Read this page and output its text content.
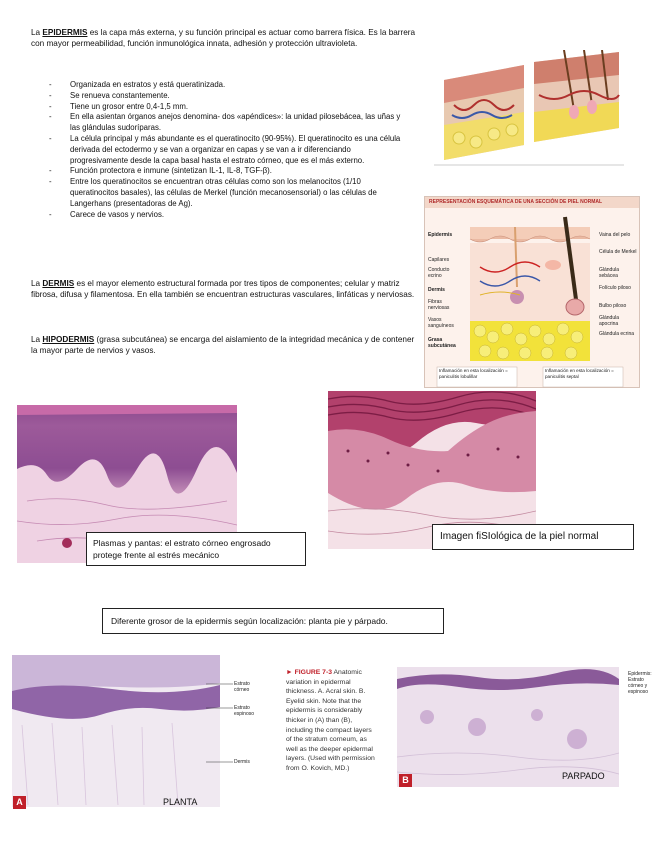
La EPIDERMIS es la capa más externa, y su función principal es actuar como barrera física. Es la barrera con mayor permeabilidad, función inmunológica innata, adhesión y protección ultravioleta.
- Organizada en estratos y está queratinizada.
- Se renueva constantemente.
- Tiene un grosor entre 0,4-1,5 mm.
- En ella asientan órganos anejos denomina- dos «apéndices»: la unidad pilosebácea, las uñas y las glándulas sudoríparas.
- La célula principal y más abundante es el queratinocito (90-95%). El queratinocito es una célula derivada del ectodermo y se van a organizar en capas y se van a ir diferenciando progresivamente desde la capa basal hasta el estrato córneo, que es el más externo.
- Función protectora e inmune (sintetizan IL-1, IL-8, TGF-β).
- Entre los queratinocitos se encuentran otras células como son los melanocitos (1/10 queratinocitos basales), las células de Merkel (función mecanosensorial) o las células de Langerhans (presentadoras de Ag).
- Carece de vasos y nervios.
La DERMIS es el mayor elemento estructural formada por tres tipos de componentes; celular y matriz fibrosa, difusa y filamentosa. En ella también se encuentran estructuras vasculares, linfáticas y nerviosas.
La HIPODERMIS (grasa subcutánea) se encarga del aislamiento de la integridad mecánica y de contener la mayor parte de nervios y vasos.
REPRESENTACIÓN ESQUEMÁTICA DE UNA SECCIÓN DE PIEL NORMAL
Epidermis
Capilares
Conducto ecrino
Dermis
Fibras nerviosas
Vasos sanguíneos
Grasa subcutánea
Vaina del pelo
Célula de Merkel
Glándula sebácea
Folículo piloso
Bulbo piloso
Glándula apocrina
Glándula ecrina
Inflamación en esta localización = paniculitis lobulillar
Inflamación en esta localización = paniculitis septal
Plasmas y pantas: el estrato córneo engrosado protege frente al estrés mecánico
Imagen fiSIológica de la piel normal
Diferente grosor de la epidermis según localización: planta pie y párpado.
A	PLANTA
Estrato córneo
Estrato espinoso
Dermis
► FIGURE 7-3 Anatomic variation in epidermal thickness. A. Acral skin. B. Eyelid skin. Note that the epidermis is considerably thicker in (A) than (B), including the compact layers of the stratum corneum, as well as the deeper epidermal layers. (Used with permission from O. Kovich, MD.)
B	PARPADO
Epidermis: Estrato córneo y espinoso
